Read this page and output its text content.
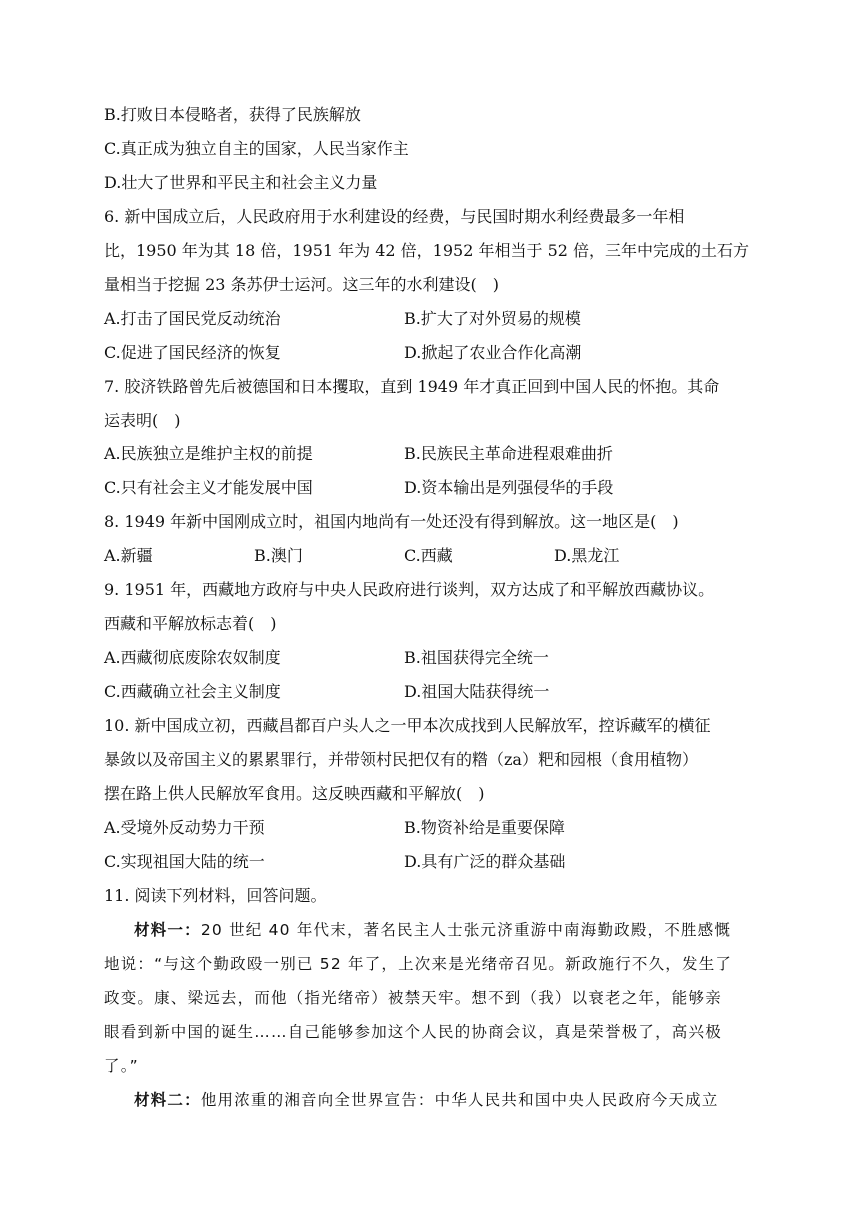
B.打败日本侵略者，获得了民族解放
C.真正成为独立自主的国家，人民当家作主
D.壮大了世界和平民主和社会主义力量
6. 新中国成立后，人民政府用于水利建设的经费，与民国时期水利经费最多一年相
比，1950 年为其 18 倍，1951 年为 42 倍，1952 年相当于 52 倍，三年中完成的土石方
量相当于挖掘 23 条苏伊士运河。这三年的水利建设(　)
A.打击了国民党反动统治	B.扩大了对外贸易的规模
C.促进了国民经济的恢复	D.掀起了农业合作化高潮
7. 胶济铁路曾先后被德国和日本攫取，直到 1949 年才真正回到中国人民的怀抱。其命
运表明(　)
A.民族独立是维护主权的前提	B.民族民主革命进程艰难曲折
C.只有社会主义才能发展中国	D.资本输出是列强侵华的手段
8. 1949 年新中国刚成立时，祖国内地尚有一处还没有得到解放。这一地区是(　)
A.新疆	B.澳门	C.西藏	D.黑龙江
9. 1951 年，西藏地方政府与中央人民政府进行谈判，双方达成了和平解放西藏协议。
西藏和平解放标志着(　)
A.西藏彻底废除农奴制度	B.祖国获得完全统一
C.西藏确立社会主义制度	D.祖国大陆获得统一
10. 新中国成立初，西藏昌都百户头人之一甲本次成找到人民解放军，控诉藏军的横征
暴敛以及帝国主义的累累罪行，并带领村民把仅有的糌（za）粑和园根（食用植物）
摆在路上供人民解放军食用。这反映西藏和平解放(　)
A.受境外反动势力干预	B.物资补给是重要保障
C.实现祖国大陆的统一	D.具有广泛的群众基础
11. 阅读下列材料，回答问题。
材料一：20 世纪 40 年代末，著名民主人士张元济重游中南海勤政殿，不胜感慨
地说：“与这个勤政殴一别已 52 年了，上次来是光绪帝召见。新政施行不久，发生了
政变。康、梁远去，而他（指光绪帝）被禁天牢。想不到（我）以衰老之年，能够亲
眼看到新中国的诞生……自己能够参加这个人民的协商会议，真是荣誉极了，高兴极
了。”
材料二：他用浓重的湘音向全世界宣告：中华人民共和国中央人民政府今天成立
